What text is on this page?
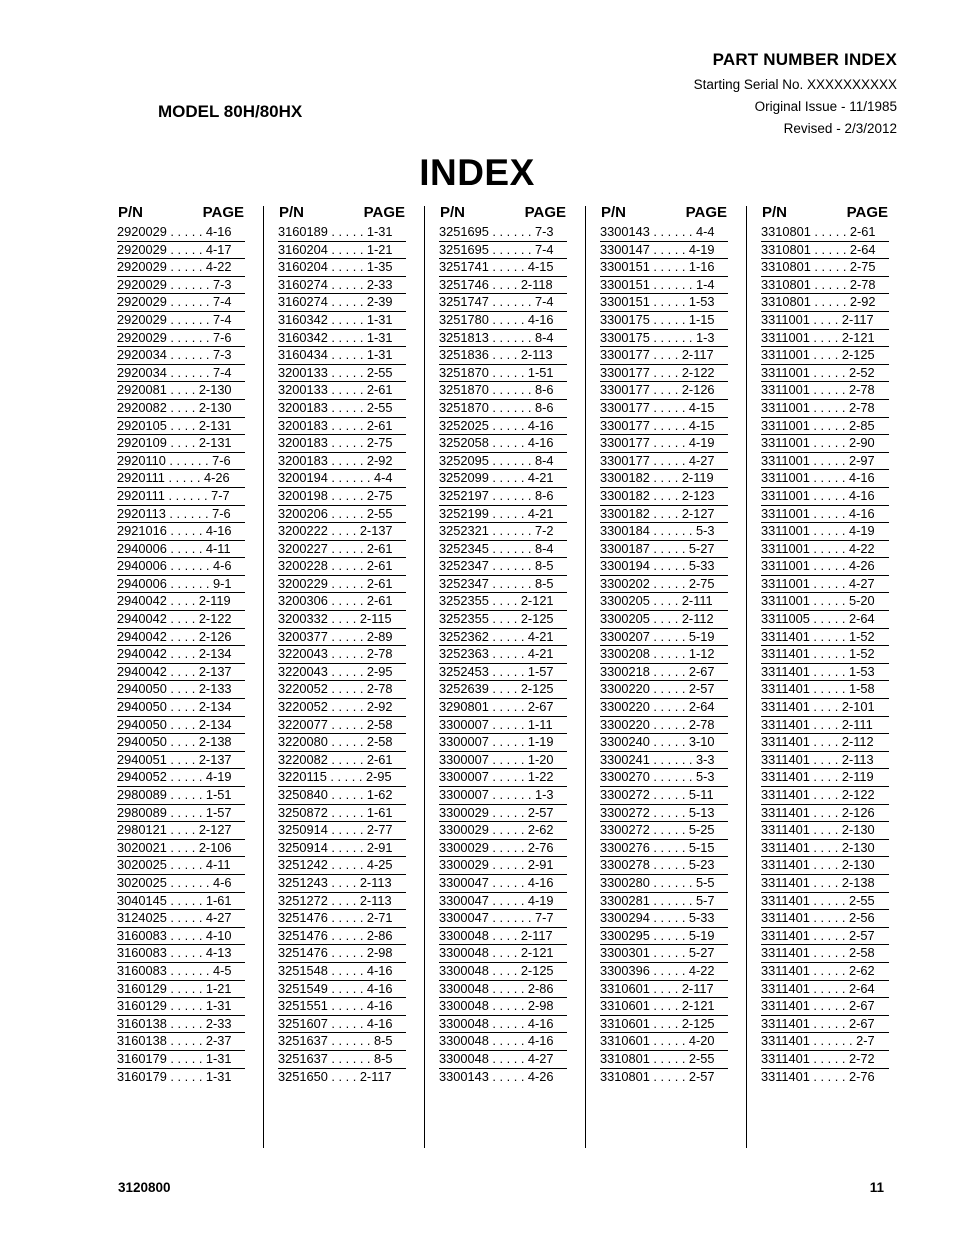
PART NUMBER INDEX
Starting Serial No. XXXXXXXXXX
Original Issue - 11/1985
Revised - 2/3/2012
MODEL 80H/80HX
INDEX
P/N	PAGE
2920029 . . . . . 4-16
2920029 . . . . . 4-17
2920029 . . . . . 4-22
2920029 . . . . . . 7-3
2920029 . . . . . . 7-4
2920029 . . . . . . 7-4
2920029 . . . . . . 7-6
2920034 . . . . . . 7-3
2920034 . . . . . . 7-4
2920081 . . . . 2-130
2920082 . . . . 2-130
2920105 . . . . 2-131
2920109 . . . . 2-131
2920110 . . . . . . 7-6
2920111 . . . . . 4-26
2920111 . . . . . . 7-7
2920113 . . . . . . 7-6
2921016 . . . . . 4-16
2940006 . . . . . 4-11
2940006 . . . . . . 4-6
2940006 . . . . . . 9-1
2940042 . . . . 2-119
2940042 . . . . 2-122
2940042 . . . . 2-126
2940042 . . . . 2-134
2940042 . . . . 2-137
2940050 . . . . 2-133
2940050 . . . . 2-134
2940050 . . . . 2-134
2940050 . . . . 2-138
2940051 . . . . 2-137
2940052 . . . . . 4-19
2980089 . . . . . 1-51
2980089 . . . . . 1-57
2980121 . . . . 2-127
3020021 . . . . 2-106
3020025 . . . . . 4-11
3020025 . . . . . . 4-6
3040145 . . . . . 1-61
3124025 . . . . . 4-27
3160083 . . . . . 4-10
3160083 . . . . . 4-13
3160083 . . . . . . 4-5
3160129 . . . . . 1-21
3160129 . . . . . 1-31
3160138 . . . . . 2-33
3160138 . . . . . 2-37
3160179 . . . . . 1-31
3160179 . . . . . 1-31
P/N	PAGE
3160189 . . . . . 1-31
3160204 . . . . . 1-21
3160204 . . . . . 1-35
3160274 . . . . . 2-33
3160274 . . . . . 2-39
3160342 . . . . . 1-31
3160342 . . . . . 1-31
3160434 . . . . . 1-31
3200133 . . . . . 2-55
3200133 . . . . . 2-61
3200183 . . . . . 2-55
3200183 . . . . . 2-61
3200183 . . . . . 2-75
3200183 . . . . . 2-92
3200194 . . . . . . 4-4
3200198 . . . . . 2-75
3200206 . . . . . 2-55
3200222 . . . . 2-137
3200227 . . . . . 2-61
3200228 . . . . . 2-61
3200229 . . . . . 2-61
3200306 . . . . . 2-61
3200332 . . . . 2-115
3200377 . . . . . 2-89
3220043 . . . . . 2-78
3220043 . . . . . 2-95
3220052 . . . . . 2-78
3220052 . . . . . 2-92
3220077 . . . . . 2-58
3220080 . . . . . 2-58
3220082 . . . . . 2-61
3220115 . . . . . 2-95
3250840 . . . . . 1-62
3250872 . . . . . 1-61
3250914 . . . . . 2-77
3250914 . . . . . 2-91
3251242 . . . . . 4-25
3251243 . . . . 2-113
3251272 . . . . 2-113
3251476 . . . . . 2-71
3251476 . . . . . 2-86
3251476 . . . . . 2-98
3251548 . . . . . 4-16
3251549 . . . . . 4-16
3251551 . . . . . 4-16
3251607 . . . . . 4-16
3251637 . . . . . . 8-5
3251637 . . . . . . 8-5
3251650 . . . . 2-117
P/N	PAGE
3251695 . . . . . . 7-3
3251695 . . . . . . 7-4
3251741 . . . . . 4-15
3251746 . . . . 2-118
3251747 . . . . . . 7-4
3251780 . . . . . 4-16
3251813 . . . . . . 8-4
3251836 . . . . 2-113
3251870 . . . . . 1-51
3251870 . . . . . . 8-6
3251870 . . . . . . 8-6
3252025 . . . . . 4-16
3252058 . . . . . 4-16
3252095 . . . . . . 8-4
3252099 . . . . . 4-21
3252197 . . . . . . 8-6
3252199 . . . . . 4-21
3252321 . . . . . . 7-2
3252345 . . . . . . 8-4
3252347 . . . . . . 8-5
3252347 . . . . . . 8-5
3252355 . . . . 2-121
3252355 . . . . 2-125
3252362 . . . . . 4-21
3252363 . . . . . 4-21
3252453 . . . . . 1-57
3252639 . . . . 2-125
3290801 . . . . . 2-67
3300007 . . . . . 1-11
3300007 . . . . . 1-19
3300007 . . . . . 1-20
3300007 . . . . . 1-22
3300007 . . . . . . 1-3
3300029 . . . . . 2-57
3300029 . . . . . 2-62
3300029 . . . . . 2-76
3300029 . . . . . 2-91
3300047 . . . . . 4-16
3300047 . . . . . 4-19
3300047 . . . . . . 7-7
3300048 . . . . 2-117
3300048 . . . . 2-121
3300048 . . . . 2-125
3300048 . . . . . 2-86
3300048 . . . . . 2-98
3300048 . . . . . 4-16
3300048 . . . . . 4-16
3300048 . . . . . 4-27
3300143 . . . . . 4-26
P/N	PAGE
3300143 . . . . . . 4-4
3300147 . . . . . 4-19
3300151 . . . . . 1-16
3300151 . . . . . . 1-4
3300151 . . . . . 1-53
3300175 . . . . . 1-15
3300175 . . . . . . 1-3
3300177 . . . . 2-117
3300177 . . . . 2-122
3300177 . . . . 2-126
3300177 . . . . . 4-15
3300177 . . . . . 4-15
3300177 . . . . . 4-19
3300177 . . . . . 4-27
3300182 . . . . 2-119
3300182 . . . . 2-123
3300182 . . . . 2-127
3300184 . . . . . . 5-3
3300187 . . . . . 5-27
3300194 . . . . . 5-33
3300202 . . . . . 2-75
3300205 . . . . 2-111
3300205 . . . . 2-112
3300207 . . . . . 5-19
3300208 . . . . . 1-12
3300218 . . . . . 2-67
3300220 . . . . . 2-57
3300220 . . . . . 2-64
3300220 . . . . . 2-78
3300240 . . . . . 3-10
3300241 . . . . . . 3-3
3300270 . . . . . . 5-3
3300272 . . . . . 5-11
3300272 . . . . . 5-13
3300272 . . . . . 5-25
3300276 . . . . . 5-15
3300278 . . . . . 5-23
3300280 . . . . . . 5-5
3300281 . . . . . . 5-7
3300294 . . . . . 5-33
3300295 . . . . . 5-19
3300301 . . . . . 5-27
3300396 . . . . . 4-22
3310601 . . . . 2-117
3310601 . . . . 2-121
3310601 . . . . 2-125
3310601 . . . . . 4-20
3310801 . . . . . 2-55
3310801 . . . . . 2-57
P/N	PAGE
3310801 . . . . . 2-61
3310801 . . . . . 2-64
3310801 . . . . . 2-75
3310801 . . . . . 2-78
3310801 . . . . . 2-92
3311001 . . . . 2-117
3311001 . . . . 2-121
3311001 . . . . 2-125
3311001 . . . . . 2-52
3311001 . . . . . 2-78
3311001 . . . . . 2-78
3311001 . . . . . 2-85
3311001 . . . . . 2-90
3311001 . . . . . 2-97
3311001 . . . . . 4-16
3311001 . . . . . 4-16
3311001 . . . . . 4-16
3311001 . . . . . 4-19
3311001 . . . . . 4-22
3311001 . . . . . 4-26
3311001 . . . . . 4-27
3311001 . . . . . 5-20
3311005 . . . . . 2-64
3311401 . . . . . 1-52
3311401 . . . . . 1-52
3311401 . . . . . 1-53
3311401 . . . . . 1-58
3311401 . . . . 2-101
3311401 . . . . 2-111
3311401 . . . . 2-112
3311401 . . . . 2-113
3311401 . . . . 2-119
3311401 . . . . 2-122
3311401 . . . . 2-126
3311401 . . . . 2-130
3311401 . . . . 2-130
3311401 . . . . 2-130
3311401 . . . . 2-138
3311401 . . . . . 2-55
3311401 . . . . . 2-56
3311401 . . . . . 2-57
3311401 . . . . . 2-58
3311401 . . . . . 2-62
3311401 . . . . . 2-64
3311401 . . . . . 2-67
3311401 . . . . . 2-67
3311401 . . . . . . 2-7
3311401 . . . . . 2-72
3311401 . . . . . 2-76
3120800	11
